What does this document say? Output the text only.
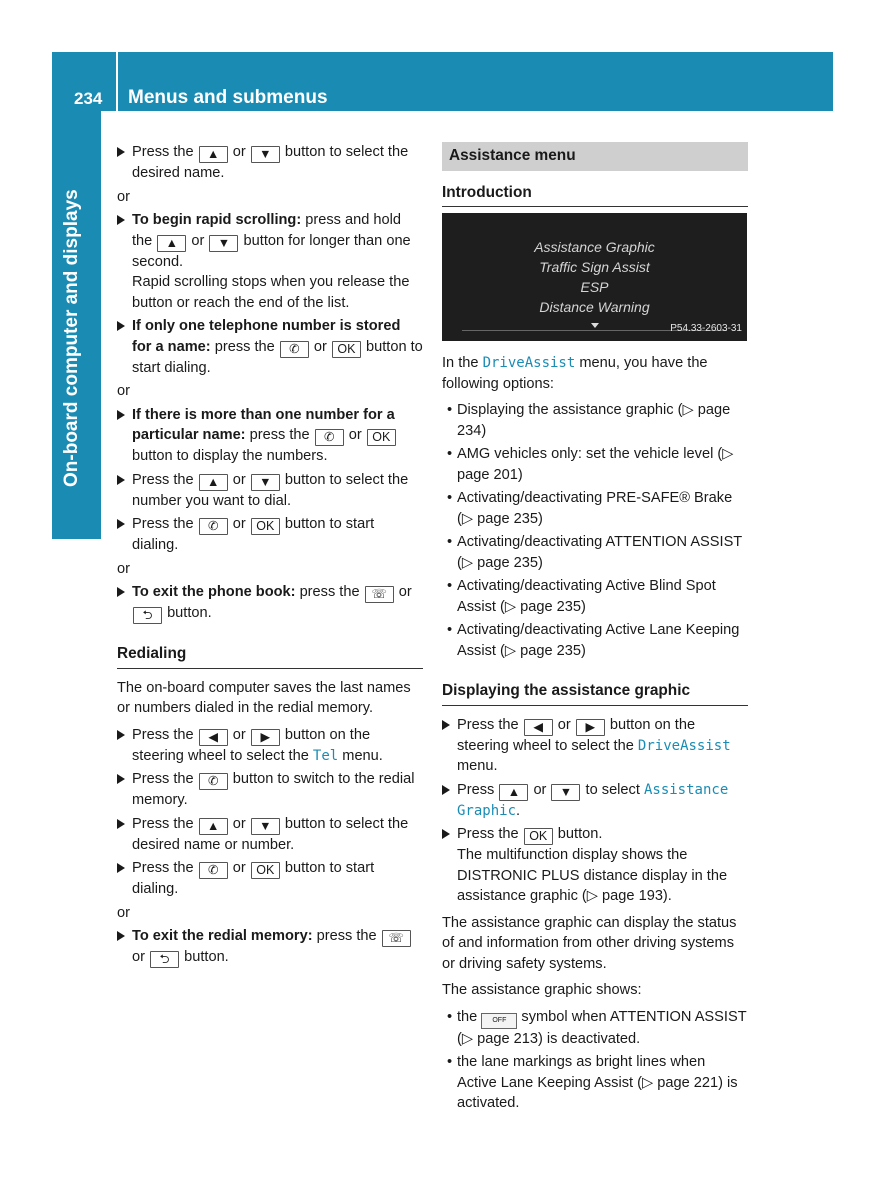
234 Menus and submenus
On-board computer and displays
Press the ▲ or ▼ button to select the desired name.
or
To begin rapid scrolling: press and hold the ▲ or ▼ button for longer than one second.
Rapid scrolling stops when you release the button or reach the end of the list.
If only one telephone number is stored for a name: press the ✆ or OK button to start dialing.
or
If there is more than one number for a particular name: press the ✆ or OK button to display the numbers.
Press the ▲ or ▼ button to select the number you want to dial.
Press the ✆ or OK button to start dialing.
or
To exit the phone book: press the ☏ or ⮌ button.
Redialing
The on-board computer saves the last names or numbers dialed in the redial memory.
Press the ◀ or ▶ button on the steering wheel to select the Tel menu.
Press the ✆ button to switch to the redial memory.
Press the ▲ or ▼ button to select the desired name or number.
Press the ✆ or OK button to start dialing.
or
To exit the redial memory: press the ☏ or ⮌ button.
Assistance menu
Introduction
Assistance Graphic
Traffic Sign Assist
ESP
Distance Warning
P54.33-2603-31
In the DriveAssist menu, you have the following options:
• Displaying the assistance graphic (▷ page 234)
• AMG vehicles only: set the vehicle level (▷ page 201)
• Activating/deactivating PRE-SAFE® Brake (▷ page 235)
• Activating/deactivating ATTENTION ASSIST (▷ page 235)
• Activating/deactivating Active Blind Spot Assist (▷ page 235)
• Activating/deactivating Active Lane Keeping Assist (▷ page 235)
Displaying the assistance graphic
Press the ◀ or ▶ button on the steering wheel to select the DriveAssist menu.
Press ▲ or ▼ to select Assistance Graphic.
Press the OK button.
The multifunction display shows the DISTRONIC PLUS distance display in the assistance graphic (▷ page 193).
The assistance graphic can display the status of and information from other driving systems or driving safety systems.
The assistance graphic shows:
• the OFF symbol when ATTENTION ASSIST (▷ page 213) is deactivated.
• the lane markings as bright lines when Active Lane Keeping Assist (▷ page 221) is activated.
